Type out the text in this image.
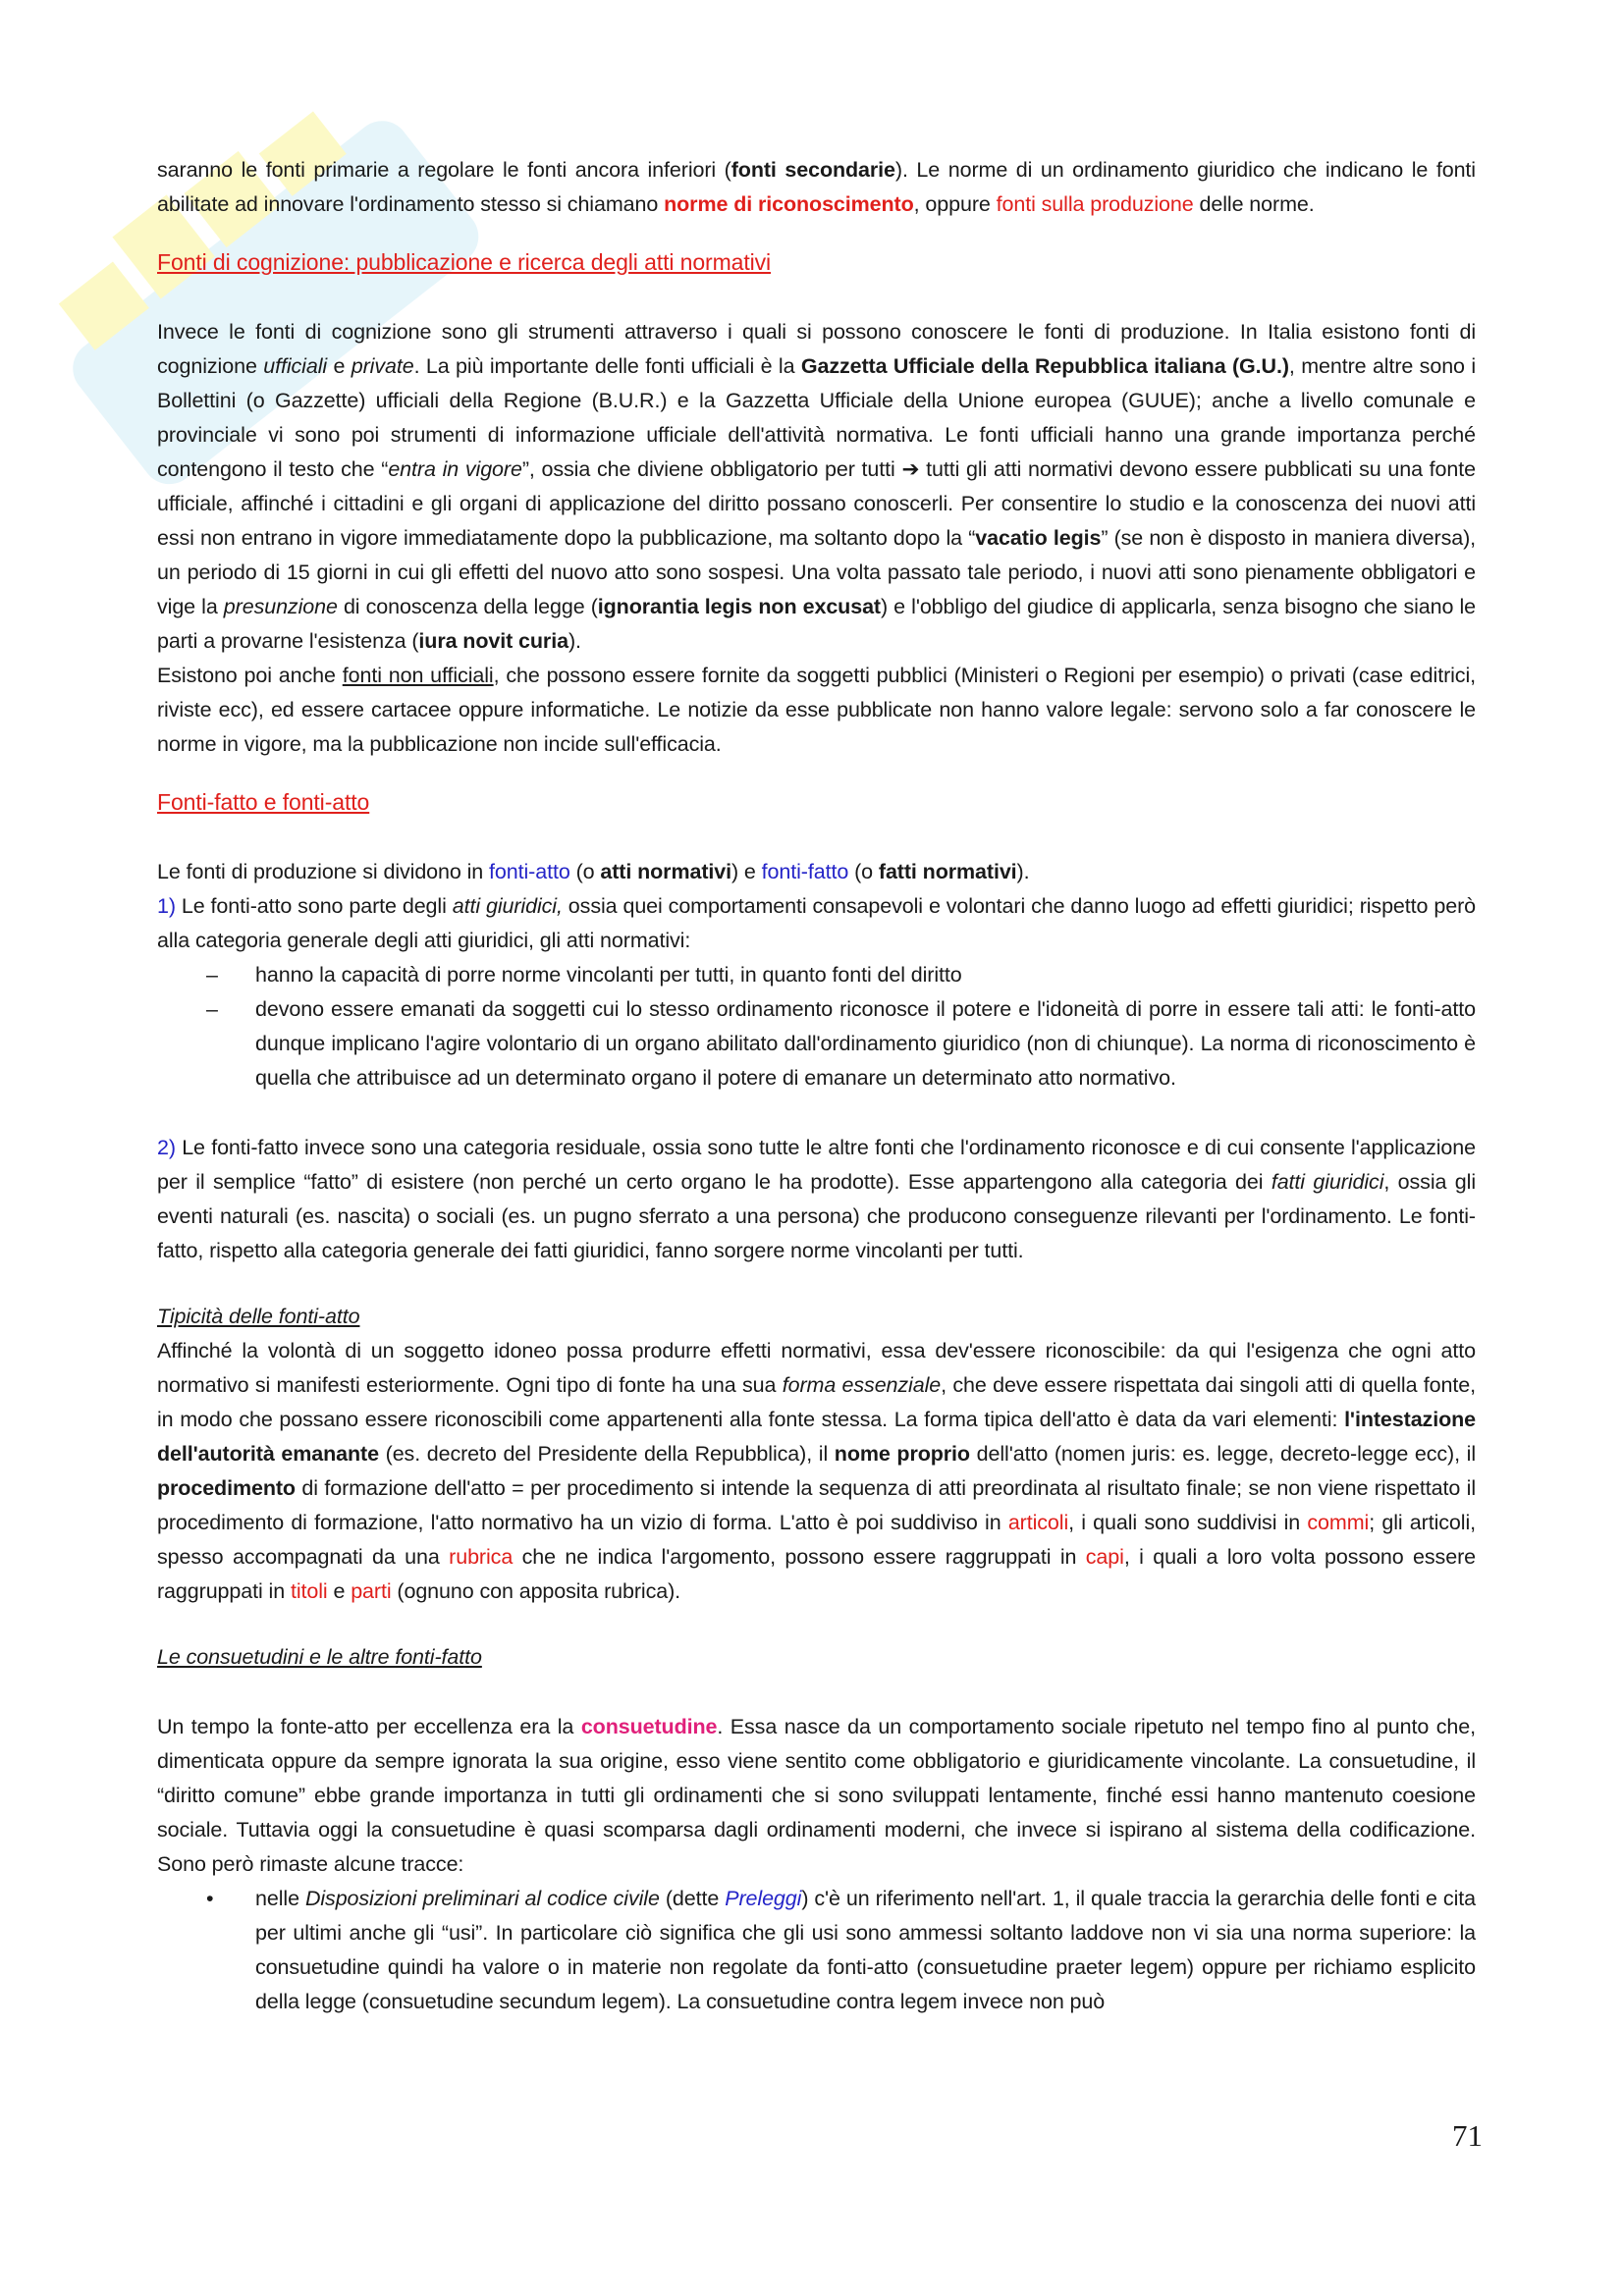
saranno le fonti primarie a regolare le fonti ancora inferiori (fonti secondarie). Le norme di un ordinamento giuridico che indicano le fonti abilitate ad innovare l'ordinamento stesso si chiamano norme di riconoscimento, oppure fonti sulla produzione delle norme.

Fonti di cognizione: pubblicazione e ricerca degli atti normativi

Invece le fonti di cognizione sono gli strumenti attraverso i quali si possono conoscere le fonti di produzione. In Italia esistono fonti di cognizione ufficiali e private. La più importante delle fonti ufficiali è la Gazzetta Ufficiale della Repubblica italiana (G.U.), mentre altre sono i Bollettini (o Gazzette) ufficiali della Regione (B.U.R.) e la Gazzetta Ufficiale della Unione europea (GUUE); anche a livello comunale e provinciale vi sono poi strumenti di informazione ufficiale dell'attività normativa. Le fonti ufficiali hanno una grande importanza perché contengono il testo che “entra in vigore”, ossia che diviene obbligatorio per tutti ➔ tutti gli atti normativi devono essere pubblicati su una fonte ufficiale, affinché i cittadini e gli organi di applicazione del diritto possano conoscerli. Per consentire lo studio e la conoscenza dei nuovi atti essi non entrano in vigore immediatamente dopo la pubblicazione, ma soltanto dopo la “vacatio legis” (se non è disposto in maniera diversa), un periodo di 15 giorni in cui gli effetti del nuovo atto sono sospesi. Una volta passato tale periodo, i nuovi atti sono pienamente obbligatori e vige la presunzione di conoscenza della legge (ignorantia legis non excusat) e l'obbligo del giudice di applicarla, senza bisogno che siano le parti a provarne l'esistenza (iura novit curia).

Esistono poi anche fonti non ufficiali, che possono essere fornite da soggetti pubblici (Ministeri o Regioni per esempio) o privati (case editrici, riviste ecc), ed essere cartacee oppure informatiche. Le notizie da esse pubblicate non hanno valore legale: servono solo a far conoscere le norme in vigore, ma la pubblicazione non incide sull'efficacia.

Fonti-fatto e fonti-atto

Le fonti di produzione si dividono in fonti-atto (o atti normativi) e fonti-fatto (o fatti normativi).

1) Le fonti-atto sono parte degli atti giuridici, ossia quei comportamenti consapevoli e volontari che danno luogo ad effetti giuridici; rispetto però alla categoria generale degli atti giuridici, gli atti normativi:

– hanno la capacità di porre norme vincolanti per tutti, in quanto fonti del diritto
– devono essere emanati da soggetti cui lo stesso ordinamento riconosce il potere e l'idoneità di porre in essere tali atti: le fonti-atto dunque implicano l'agire volontario di un organo abilitato dall'ordinamento giuridico (non di chiunque). La norma di riconoscimento è quella che attribuisce ad un determinato organo il potere di emanare un determinato atto normativo.

2) Le fonti-fatto invece sono una categoria residuale, ossia sono tutte le altre fonti che l'ordinamento riconosce e di cui consente l'applicazione per il semplice “fatto” di esistere (non perché un certo organo le ha prodotte). Esse appartengono alla categoria dei fatti giuridici, ossia gli eventi naturali (es. nascita) o sociali (es. un pugno sferrato a una persona) che producono conseguenze rilevanti per l'ordinamento. Le fonti-fatto, rispetto alla categoria generale dei fatti giuridici, fanno sorgere norme vincolanti per tutti.

Tipicità delle fonti-atto

Affinché la volontà di un soggetto idoneo possa produrre effetti normativi, essa dev'essere riconoscibile: da qui l'esigenza che ogni atto normativo si manifesti esteriormente. Ogni tipo di fonte ha una sua forma essenziale, che deve essere rispettata dai singoli atti di quella fonte, in modo che possano essere riconoscibili come appartenenti alla fonte stessa. La forma tipica dell'atto è data da vari elementi: l'intestazione dell'autorità emanante (es. decreto del Presidente della Repubblica), il nome proprio dell'atto (nomen juris: es. legge, decreto-legge ecc), il procedimento di formazione dell'atto = per procedimento si intende la sequenza di atti preordinata al risultato finale; se non viene rispettato il procedimento di formazione, l'atto normativo ha un vizio di forma. L'atto è poi suddiviso in articoli, i quali sono suddivisi in commi; gli articoli, spesso accompagnati da una rubrica che ne indica l'argomento, possono essere raggruppati in capi, i quali a loro volta possono essere raggruppati in titoli e parti (ognuno con apposita rubrica).

Le consuetudini e le altre fonti-fatto

Un tempo la fonte-atto per eccellenza era la consuetudine. Essa nasce da un comportamento sociale ripetuto nel tempo fino al punto che, dimenticata oppure da sempre ignorata la sua origine, esso viene sentito come obbligatorio e giuridicamente vincolante. La consuetudine, il “diritto comune” ebbe grande importanza in tutti gli ordinamenti che si sono sviluppati lentamente, finché essi hanno mantenuto coesione sociale. Tuttavia oggi la consuetudine è quasi scomparsa dagli ordinamenti moderni, che invece si ispirano al sistema della codificazione. Sono però rimaste alcune tracce:

• nelle Disposizioni preliminari al codice civile (dette Preleggi) c'è un riferimento nell'art. 1, il quale traccia la gerarchia delle fonti e cita per ultimi anche gli “usi”. In particolare ciò significa che gli usi sono ammessi soltanto laddove non vi sia una norma superiore: la consuetudine quindi ha valore o in materie non regolate da fonti-atto (consuetudine praeter legem) oppure per richiamo esplicito della legge (consuetudine secundum legem). La consuetudine contra legem invece non può
71
